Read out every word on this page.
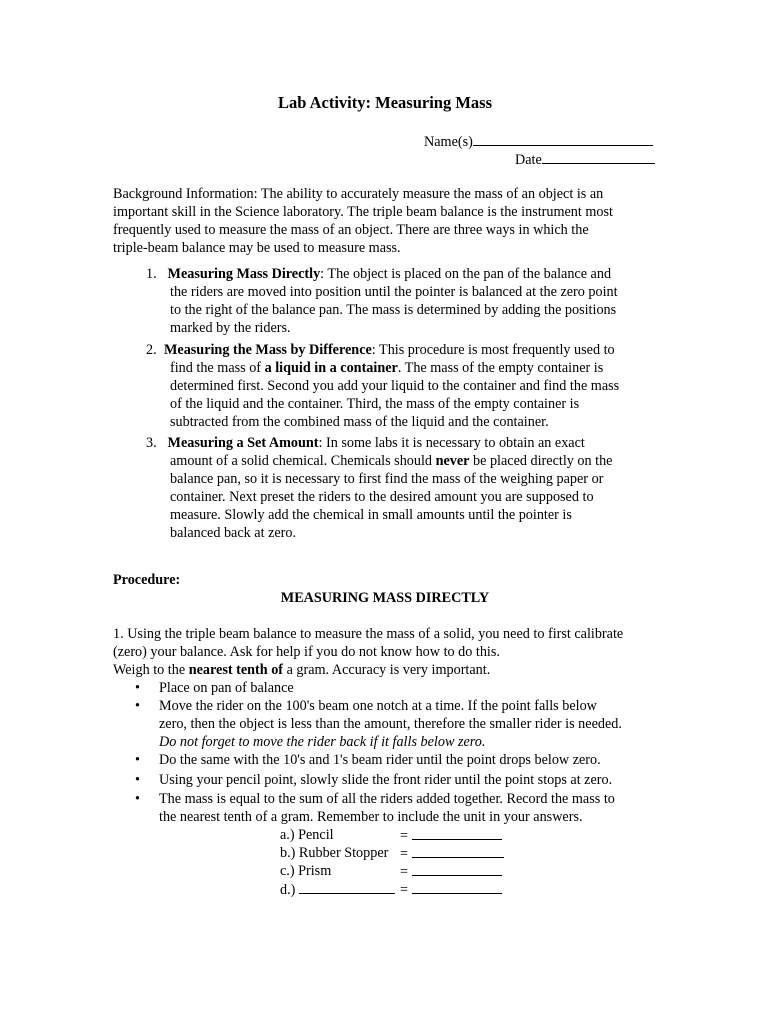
Lab Activity: Measuring Mass
Name(s)
Date
Background Information: The ability to accurately measure the mass of an object is an
important skill in the Science laboratory. The triple beam balance is the instrument most
frequently used to measure the mass of an object. There are three ways in which the
triple-beam balance may be used to measure mass.
1. Measuring Mass Directly: The object is placed on the pan of the balance and
the riders are moved into position until the pointer is balanced at the zero point
to the right of the balance pan. The mass is determined by adding the positions
marked by the riders.
2. Measuring the Mass by Difference: This procedure is most frequently used to
find the mass of a liquid in a container. The mass of the empty container is
determined first. Second you add your liquid to the container and find the mass
of the liquid and the container. Third, the mass of the empty container is
subtracted from the combined mass of the liquid and the container.
3. Measuring a Set Amount: In some labs it is necessary to obtain an exact
amount of a solid chemical. Chemicals should never be placed directly on the
balance pan, so it is necessary to first find the mass of the weighing paper or
container. Next preset the riders to the desired amount you are supposed to
measure. Slowly add the chemical in small amounts until the pointer is
balanced back at zero.
Procedure:
MEASURING MASS DIRECTLY
1. Using the triple beam balance to measure the mass of a solid, you need to first calibrate
(zero) your balance. Ask for help if you do not know how to do this.
Weigh to the nearest tenth of a gram. Accuracy is very important.
• Place on pan of balance
• Move the rider on the 100's beam one notch at a time. If the point falls below
zero, then the object is less than the amount, therefore the smaller rider is needed.
Do not forget to move the rider back if it falls below zero.
• Do the same with the 10's and 1's beam rider until the point drops below zero.
• Using your pencil point, slowly slide the front rider until the point stops at zero.
• The mass is equal to the sum of all the riders added together. Record the mass to
the nearest tenth of a gram. Remember to include the unit in your answers.
a.) Pencil	=
b.) Rubber Stopper =
c.) Prism	=
d.)	=
